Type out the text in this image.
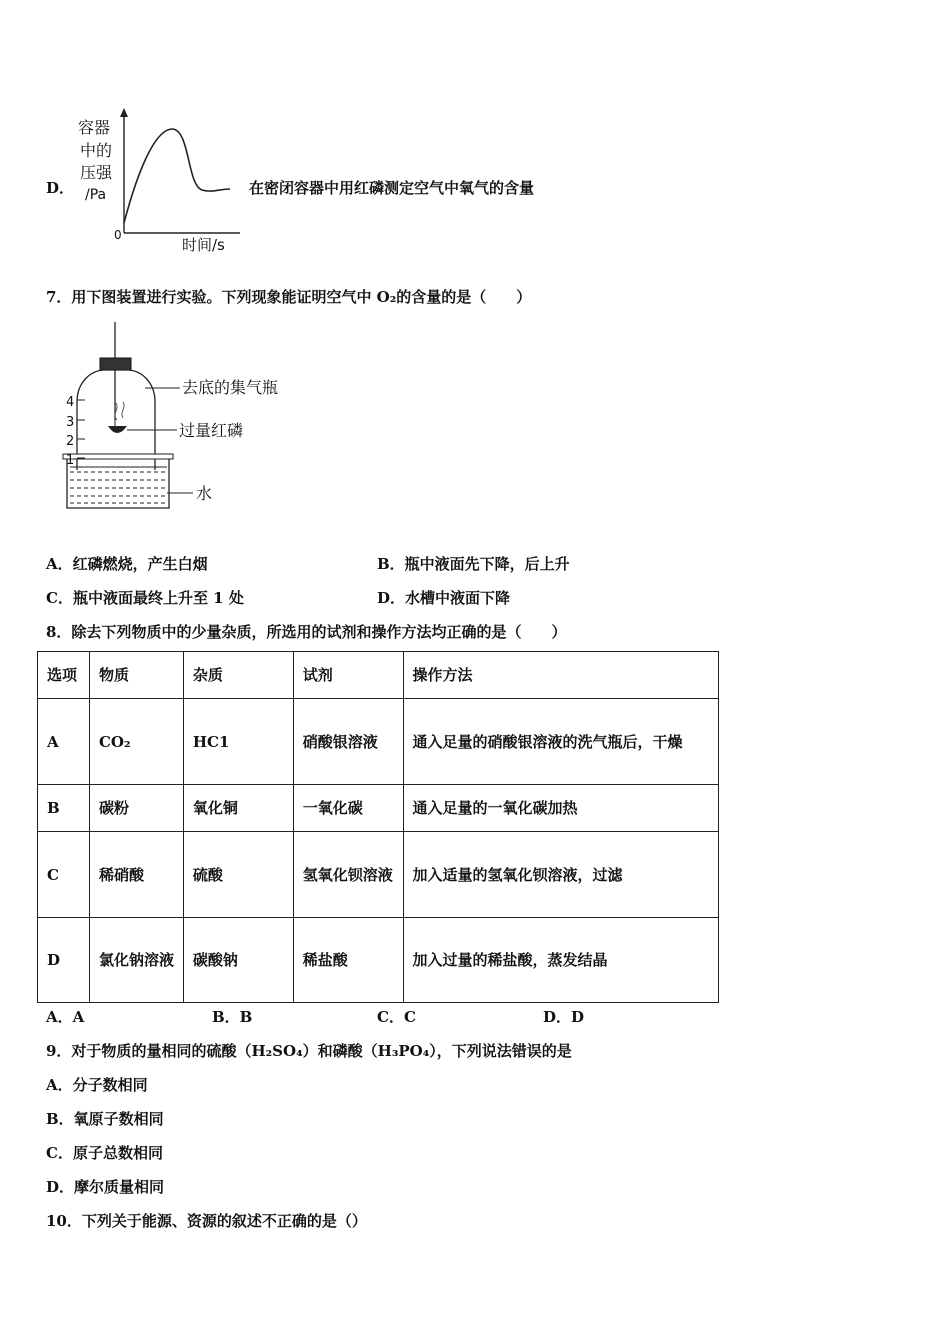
D．
容器
中的
压强
/Pa
0
时间/s
在密闭容器中用红磷测定空气中氧气的含量
7．用下图装置进行实验。下列现象能证明空气中 O₂的含量的是（　　）
4
3
2
1
去底的集气瓶
过量红磷
水
A．红磷燃烧，产生白烟	B．瓶中液面先下降，后上升
C．瓶中液面最终上升至 1 处	D．水槽中液面下降
8．除去下列物质中的少量杂质，所选用的试剂和操作方法均正确的是（　　）
选项	物质	杂质	试剂	操作方法
A	CO₂	HC1	硝酸银溶液	通入足量的硝酸银溶液的洗气瓶后，干燥
B	碳粉	氧化铜	一氧化碳	通入足量的一氧化碳加热
C	稀硝酸	硫酸	氢氧化钡溶液	加入适量的氢氧化钡溶液，过滤
D	氯化钠溶液	碳酸钠	稀盐酸	加入过量的稀盐酸，蒸发结晶
A．A	B．B	C．C	D．D
9．对于物质的量相同的硫酸（H₂SO₄）和磷酸（H₃PO₄），下列说法错误的是
A．分子数相同
B．氧原子数相同
C．原子总数相同
D．摩尔质量相同
10．下列关于能源、资源的叙述不正确的是（）
